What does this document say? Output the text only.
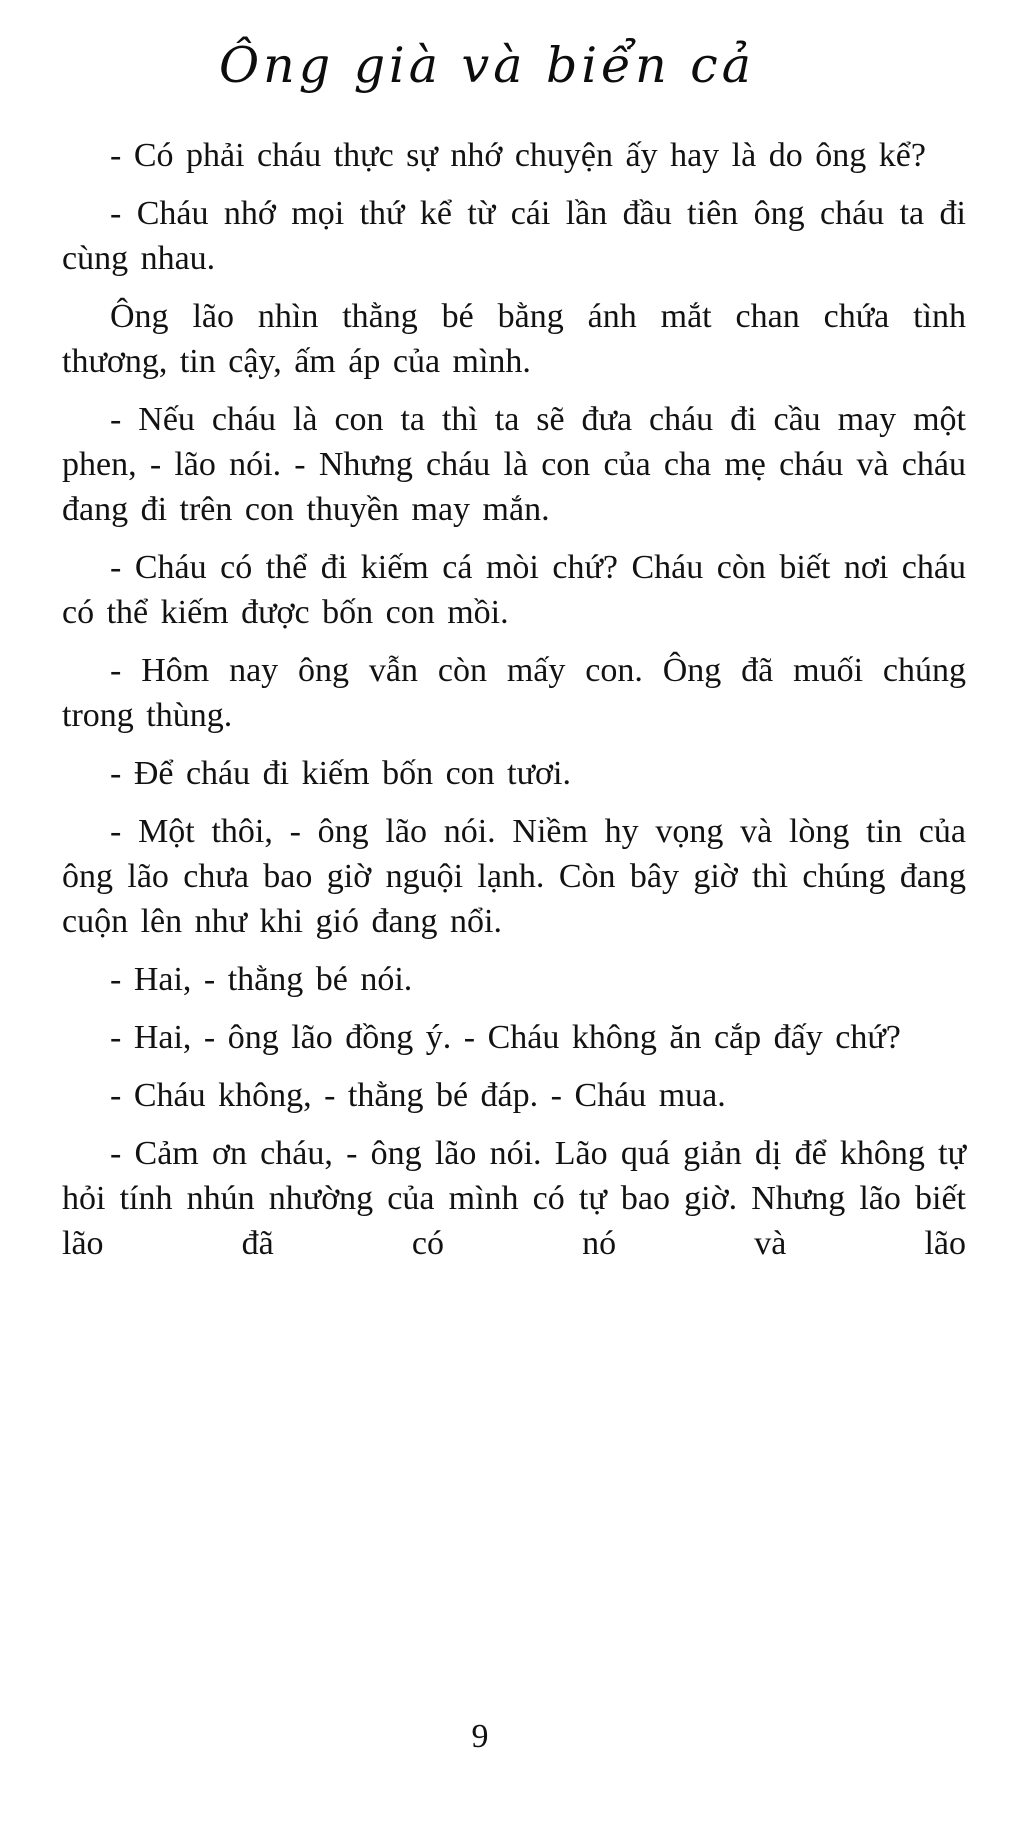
Ông già và biển cả

- Có phải cháu thực sự nhớ chuyện ấy hay là do ông kể?

- Cháu nhớ mọi thứ kể từ cái lần đầu tiên ông cháu ta đi cùng nhau.

Ông lão nhìn thằng bé bằng ánh mắt chan chứa tình thương, tin cậy, ấm áp của mình.

- Nếu cháu là con ta thì ta sẽ đưa cháu đi cầu may một phen, - lão nói. - Nhưng cháu là con của cha mẹ cháu và cháu đang đi trên con thuyền may mắn.

- Cháu có thể đi kiếm cá mòi chứ? Cháu còn biết nơi cháu có thể kiếm được bốn con mồi.

- Hôm nay ông vẫn còn mấy con. Ông đã muối chúng trong thùng.

- Để cháu đi kiếm bốn con tươi.

- Một thôi, - ông lão nói. Niềm hy vọng và lòng tin của ông lão chưa bao giờ nguội lạnh. Còn bây giờ thì chúng đang cuộn lên như khi gió đang nổi.

- Hai, - thằng bé nói.

- Hai, - ông lão đồng ý. - Cháu không ăn cắp đấy chứ?

- Cháu không, - thằng bé đáp. - Cháu mua.

- Cảm ơn cháu, - ông lão nói. Lão quá giản dị để không tự hỏi tính nhún nhường của mình có tự bao giờ. Nhưng lão biết lão đã có nó và lão

9
